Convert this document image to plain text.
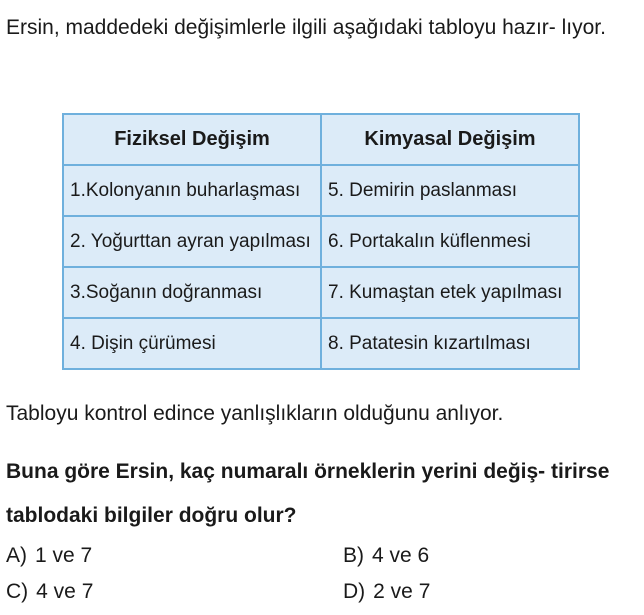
Ersin, maddedeki değişimlerle ilgili aşağıdaki tabloyu hazır- lıyor.
Fiziksel Değişim	Kimyasal Değişim
1.Kolonyanın buharlaşması	5. Demirin paslanması
2. Yoğurttan ayran yapılması	6. Portakalın küflenmesi
3.Soğanın doğranması	7. Kumaştan etek yapılması
4. Dişin çürümesi	8. Patatesin kızartılması
Tabloyu kontrol edince yanlışlıkların olduğunu anlıyor.
Buna göre Ersin, kaç numaralı örneklerin yerini değiş- tirirse tablodaki bilgiler doğru olur?
A) 1 ve 7	B) 4 ve 6
C) 4 ve 7	D) 2 ve 7
